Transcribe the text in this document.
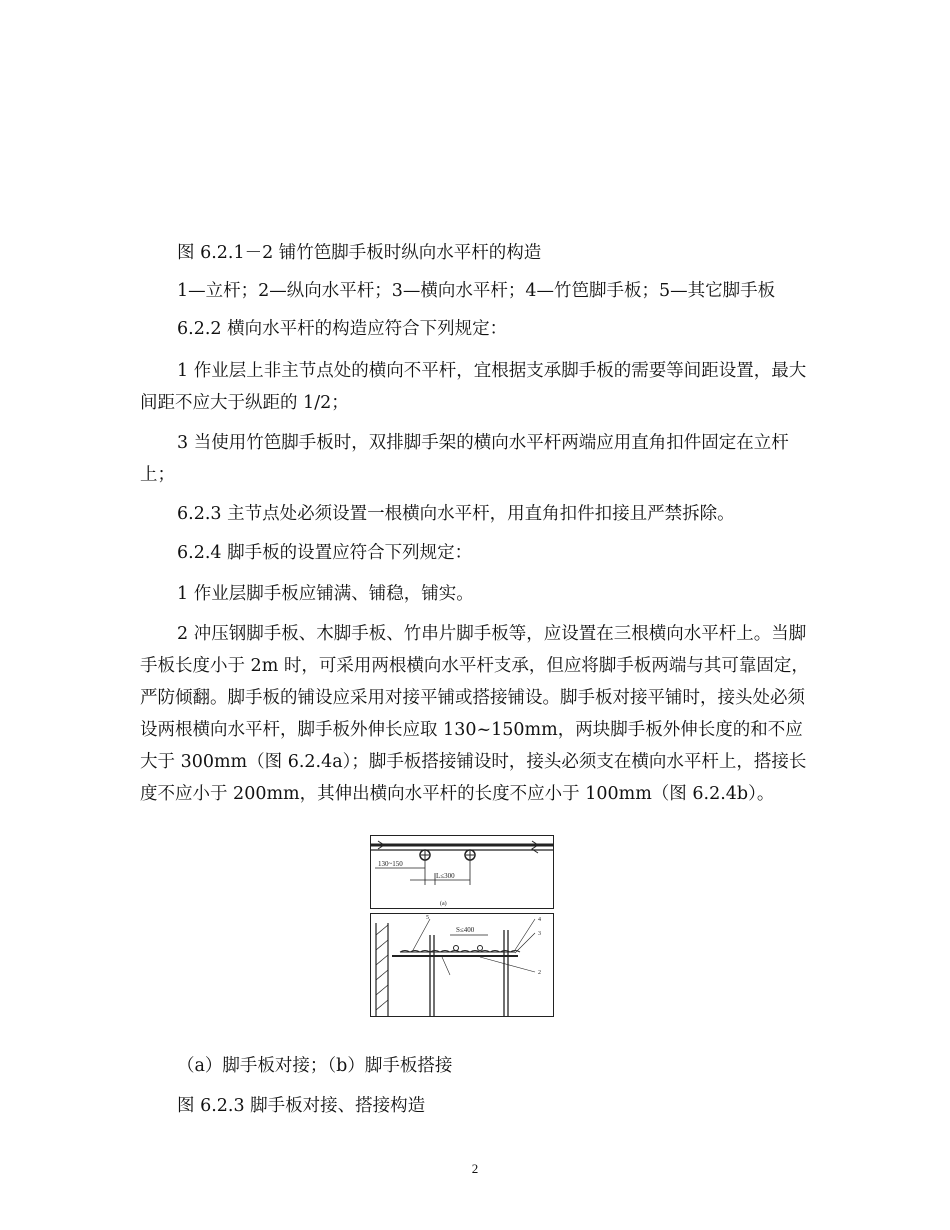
图 6.2.1－2 铺竹笆脚手板时纵向水平杆的构造

1—立杆；2—纵向水平杆；3—横向水平杆；4—竹笆脚手板；5—其它脚手板

6.2.2 横向水平杆的构造应符合下列规定：

1 作业层上非主节点处的横向不平杆，宜根据支承脚手板的需要等间距设置，最大间距不应大于纵距的 1/2；

3 当使用竹笆脚手板时，双排脚手架的横向水平杆两端应用直角扣件固定在立杆上；

6.2.3 主节点处必须设置一根横向水平杆，用直角扣件扣接且严禁拆除。

6.2.4 脚手板的设置应符合下列规定：

1 作业层脚手板应铺满、铺稳，铺实。

2 冲压钢脚手板、木脚手板、竹串片脚手板等，应设置在三根横向水平杆上。当脚手板长度小于 2m 时，可采用两根横向水平杆支承，但应将脚手板两端与其可靠固定，严防倾翻。脚手板的铺设应采用对接平铺或搭接铺设。脚手板对接平铺时，接头处必须设两根横向水平杆，脚手板外伸长应取 130~150mm，两块脚手板外伸长度的和不应大于 300mm（图 6.2.4a）；脚手板搭接铺设时，接头必须支在横向水平杆上，搭接长度不应小于 200mm，其伸出横向水平杆的长度不应小于 100mm（图 6.2.4b）。

130~150
L≤300
(a)
S≤400
5	4
3
2

（a）脚手板对接；（b）脚手板搭接

图 6.2.3 脚手板对接、搭接构造

2
